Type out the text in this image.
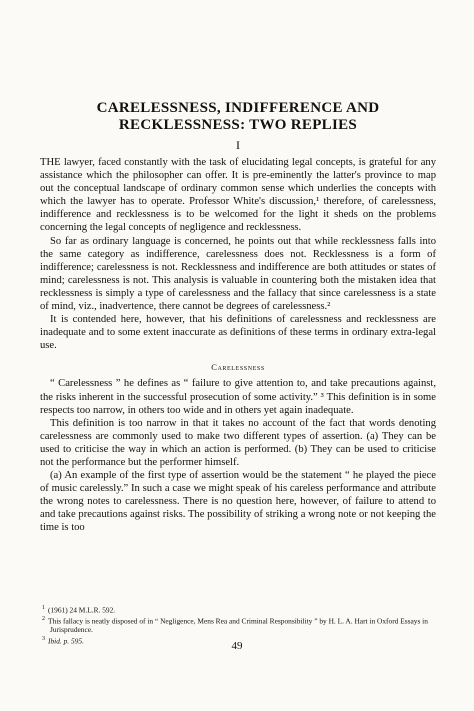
CARELESSNESS, INDIFFERENCE AND
RECKLESSNESS: TWO REPLIES
I

THE lawyer, faced constantly with the task of elucidating legal concepts, is grateful for any assistance which the philosopher can offer. It is pre-eminently the latter's province to map out the conceptual landscape of ordinary common sense which underlies the concepts with which the lawyer has to operate. Professor White's discussion,¹ therefore, of carelessness, indifference and recklessness is to be welcomed for the light it sheds on the problems concerning the legal concepts of negligence and recklessness.

So far as ordinary language is concerned, he points out that while recklessness falls into the same category as indifference, carelessness does not. Recklessness is a form of indifference; carelessness is not. Recklessness and indifference are both attitudes or states of mind; carelessness is not. This analysis is valuable in countering both the mistaken idea that recklessness is simply a type of carelessness and the fallacy that since carelessness is a state of mind, viz., inadvertence, there cannot be degrees of carelessness.²

It is contended here, however, that his definitions of carelessness and recklessness are inadequate and to some extent inaccurate as definitions of these terms in ordinary extra-legal use.

Carelessness

“ Carelessness ” he defines as “ failure to give attention to, and take precautions against, the risks inherent in the successful prosecution of some activity.” ³ This definition is in some respects too narrow, in others too wide and in others yet again inadequate.

This definition is too narrow in that it takes no account of the fact that words denoting carelessness are commonly used to make two different types of assertion. (a) They can be used to criticise the way in which an action is performed. (b) They can be used to criticise not the performance but the performer himself.

(a) An example of the first type of assertion would be the statement “ he played the piece of music carelessly.” In such a case we might speak of his careless performance and attribute the wrong notes to carelessness. There is no question here, however, of failure to attend to and take precautions against risks. The possibility of striking a wrong note or not keeping the time is too

$^1$ (1961) 24 M.L.R. 592.
$^2$ This fallacy is neatly disposed of in “ Negligence, Mens Rea and Criminal Responsibility ” by H. L. A. Hart in Oxford Essays in Jurisprudence.
$^3$ Ibid. p. 595.	49
